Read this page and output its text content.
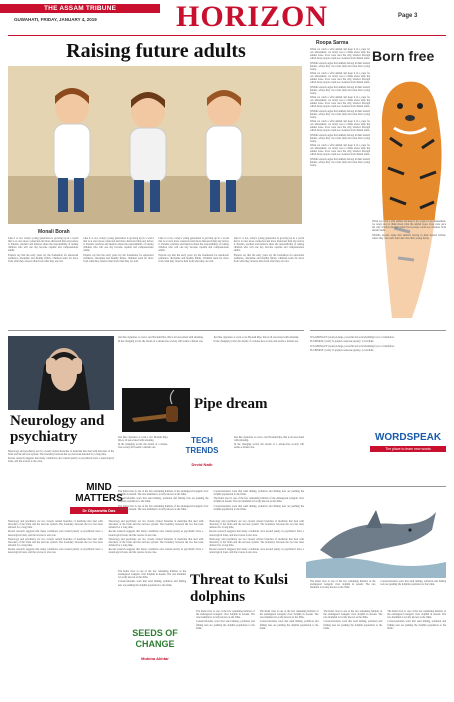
THE ASSAM TRIBUNE
GUWAHATI, FRIDAY, JANUARY 4, 2019	HORIZON	Page 3
Raising future adults
Monali Borah

Like it or not, today's young generation is growing up in a world that is at once more connected and more distracted than any before it. Parents, teachers and mentors share the responsibility of raising children who will one day become capable and compassionate adults.

Experts say that the early years lay the foundation for emotional resilience, discipline and healthy habits. Children learn far more from what they observe than from what they are told.

Like it or not, today's young generation is growing up in a world that is at once more connected and more distracted than any before it. Parents, teachers and mentors share the responsibility of raising children who will one day become capable and compassionate adults.

Experts say that the early years lay the foundation for emotional resilience, discipline and healthy habits. Children learn far more from what they observe than from what they are told.

Like it or not, today's young generation is growing up in a world that is at once more connected and more distracted than any before it. Parents, teachers and mentors share the responsibility of raising children who will one day become capable and compassionate adults.

Experts say that the early years lay the foundation for emotional resilience, discipline and healthy habits. Children learn far more from what they observe than from what they are told.

Like it or not, today's young generation is growing up in a world that is at once more connected and more distracted than any before it. Parents, teachers and mentors share the responsibility of raising children who will one day become capable and compassionate adults.

Experts say that the early years lay the foundation for emotional resilience, discipline and healthy habits. Children learn far more from what they observe than from what they are told.

Neurology and psychiatry

Neurology and psychiatry are two closely related branches of medicine that deal with disorders of the brain and the nervous system. The boundary between the two has been debated for a long time.

Recent research suggests that many conditions once treated purely as psychiatric have a neurological basis, and the reverse is also true.

MIND MATTERS
Dr Dipanwita Das

Neurology and psychiatry are two closely related branches of medicine that deal with disorders of the brain and the nervous system. The boundary between the two has been debated for a long time.

Recent research suggests that many conditions once treated purely as psychiatric have a neurological basis, and the reverse is also true.

Neurology and psychiatry are two closely related branches of medicine that deal with disorders of the brain and the nervous system. The boundary between the two has been debated for a long time.

Recent research suggests that many conditions once treated purely as psychiatric have a neurological basis, and the reverse is also true.

Neurology and psychiatry are two closely related branches of medicine that deal with disorders of the brain and the nervous system. The boundary between the two has been debated for a long time.

Recent research suggests that many conditions once treated purely as psychiatric have a neurological basis, and the reverse is also true.

Neurology and psychiatry are two closely related branches of medicine that deal with disorders of the brain and the nervous system. The boundary between the two has been debated for a long time.

Recent research suggests that many conditions once treated purely as psychiatric have a neurological basis, and the reverse is also true.

Neurology and psychiatry are two closely related branches of medicine that deal with disorders of the brain and the nervous system. The boundary between the two has been debated for a long time.

Recent research suggests that many conditions once treated purely as psychiatric have a neurological basis, and the reverse is also true.

Neurology and psychiatry are two closely related branches of medicine that deal with disorders of the brain and the nervous system. The boundary between the two has been debated for a long time.

Recent research suggests that many conditions once treated purely as psychiatric have a neurological basis, and the reverse is also true.

Just like cigarettes or even a raw Hookah Pipe, this is all associated with smoking.

In the changing world, the dream of a smoke-free society still seems a distant one.

Just like cigarettes or even a raw Hookah Pipe, this is all associated with smoking.

In the changing world, the dream of a smoke-free society still seems a distant one.

Pipe dream

Just like cigarettes or even a raw Hookah Pipe, this is all associated with smoking.

In the changing world, the dream of a smoke-free society still seems a distant one.

TECH
TRENDS
Devid Nath

Just like cigarettes or even a raw Hookah Pipe, this is all associated with smoking.

In the changing world, the dream of a smoke-free society still seems a distant one.

Roopa Sarma

When we catch a wild animal and keep it in a cage for our amusement, we rarely stop to think about what the animal loses. Zoos were once the only window through which most people could see creatures from distant lands.

Wildlife experts argue that animals belong in their natural habitat, where they can roam, hunt and raise their young freely.

When we catch a wild animal and keep it in a cage for our amusement, we rarely stop to think about what the animal loses. Zoos were once the only window through which most people could see creatures from distant lands.

Wildlife experts argue that animals belong in their natural habitat, where they can roam, hunt and raise their young freely.

When we catch a wild animal and keep it in a cage for our amusement, we rarely stop to think about what the animal loses. Zoos were once the only window through which most people could see creatures from distant lands.

Wildlife experts argue that animals belong in their natural habitat, where they can roam, hunt and raise their young freely.

When we catch a wild animal and keep it in a cage for our amusement, we rarely stop to think about what the animal loses. Zoos were once the only window through which most people could see creatures from distant lands.

Wildlife experts argue that animals belong in their natural habitat, where they can roam, hunt and raise their young freely.

When we catch a wild animal and keep it in a cage for our amusement, we rarely stop to think about what the animal loses. Zoos were once the only window through which most people could see creatures from distant lands.

Wildlife experts argue that animals belong in their natural habitat, where they can roam, hunt and raise their young freely.

Born free

When we catch a wild animal and keep it in a cage for our amusement, we rarely stop to think about what the animal loses. Zoos were once the only window through which most people could see creatures from distant lands.

Wildlife experts argue that animals belong in their natural habitat, where they can roam, hunt and raise their young freely.

JUGGERNAUT: (noun) A huge, powerful and overwhelming force or institution.

FLUMMOX: (verb) To perplex someone greatly; to bewilder.

JUGGERNAUT: (noun) A huge, powerful and overwhelming force or institution.

FLUMMOX: (verb) To perplex someone greatly; to bewilder.

WORDSPEAK
The place to learn new words

The Kulsi river is one of the few remaining habitats of the endangered Gangetic river dolphin in Assam. The rare mammal is locally known as the Xihu.

Conservationists warn that sand mining, pollution and fishing nets are pushing the dolphin population to the brink.

The Kulsi river is one of the few remaining habitats of the endangered Gangetic river dolphin in Assam. The rare mammal is locally known as the Xihu.

Conservationists warn that sand mining, pollution and fishing nets are pushing the dolphin population to the brink.

The Kulsi river is one of the few remaining habitats of the endangered Gangetic river dolphin in Assam. The rare mammal is locally known as the Xihu.

Conservationists warn that sand mining, pollution and fishing nets are pushing the dolphin population to the brink.

Threat to Kulsi dolphins

The Kulsi river is one of the few remaining habitats of the endangered Gangetic river dolphin in Assam. The rare mammal is locally known as the Xihu.

Conservationists warn that sand mining, pollution and fishing nets are pushing the dolphin population to the brink.

SEEDS OF
CHANGE
Mubina Akhtar

The Kulsi river is one of the few remaining habitats of the endangered Gangetic river dolphin in Assam. The rare mammal is locally known as the Xihu.

Conservationists warn that sand mining, pollution and fishing nets are pushing the dolphin population to the brink.

The Kulsi river is one of the few remaining habitats of the endangered Gangetic river dolphin in Assam. The rare mammal is locally known as the Xihu.

Conservationists warn that sand mining, pollution and fishing nets are pushing the dolphin population to the brink.

The Kulsi river is one of the few remaining habitats of the endangered Gangetic river dolphin in Assam. The rare mammal is locally known as the Xihu.

Conservationists warn that sand mining, pollution and fishing nets are pushing the dolphin population to the brink.

The Kulsi river is one of the few remaining habitats of the endangered Gangetic river dolphin in Assam. The rare mammal is locally known as the Xihu.

Conservationists warn that sand mining, pollution and fishing nets are pushing the dolphin population to the brink.

The Kulsi river is one of the few remaining habitats of the endangered Gangetic river dolphin in Assam. The rare mammal is locally known as the Xihu.

Conservationists warn that sand mining, pollution and fishing nets are pushing the dolphin population to the brink.
